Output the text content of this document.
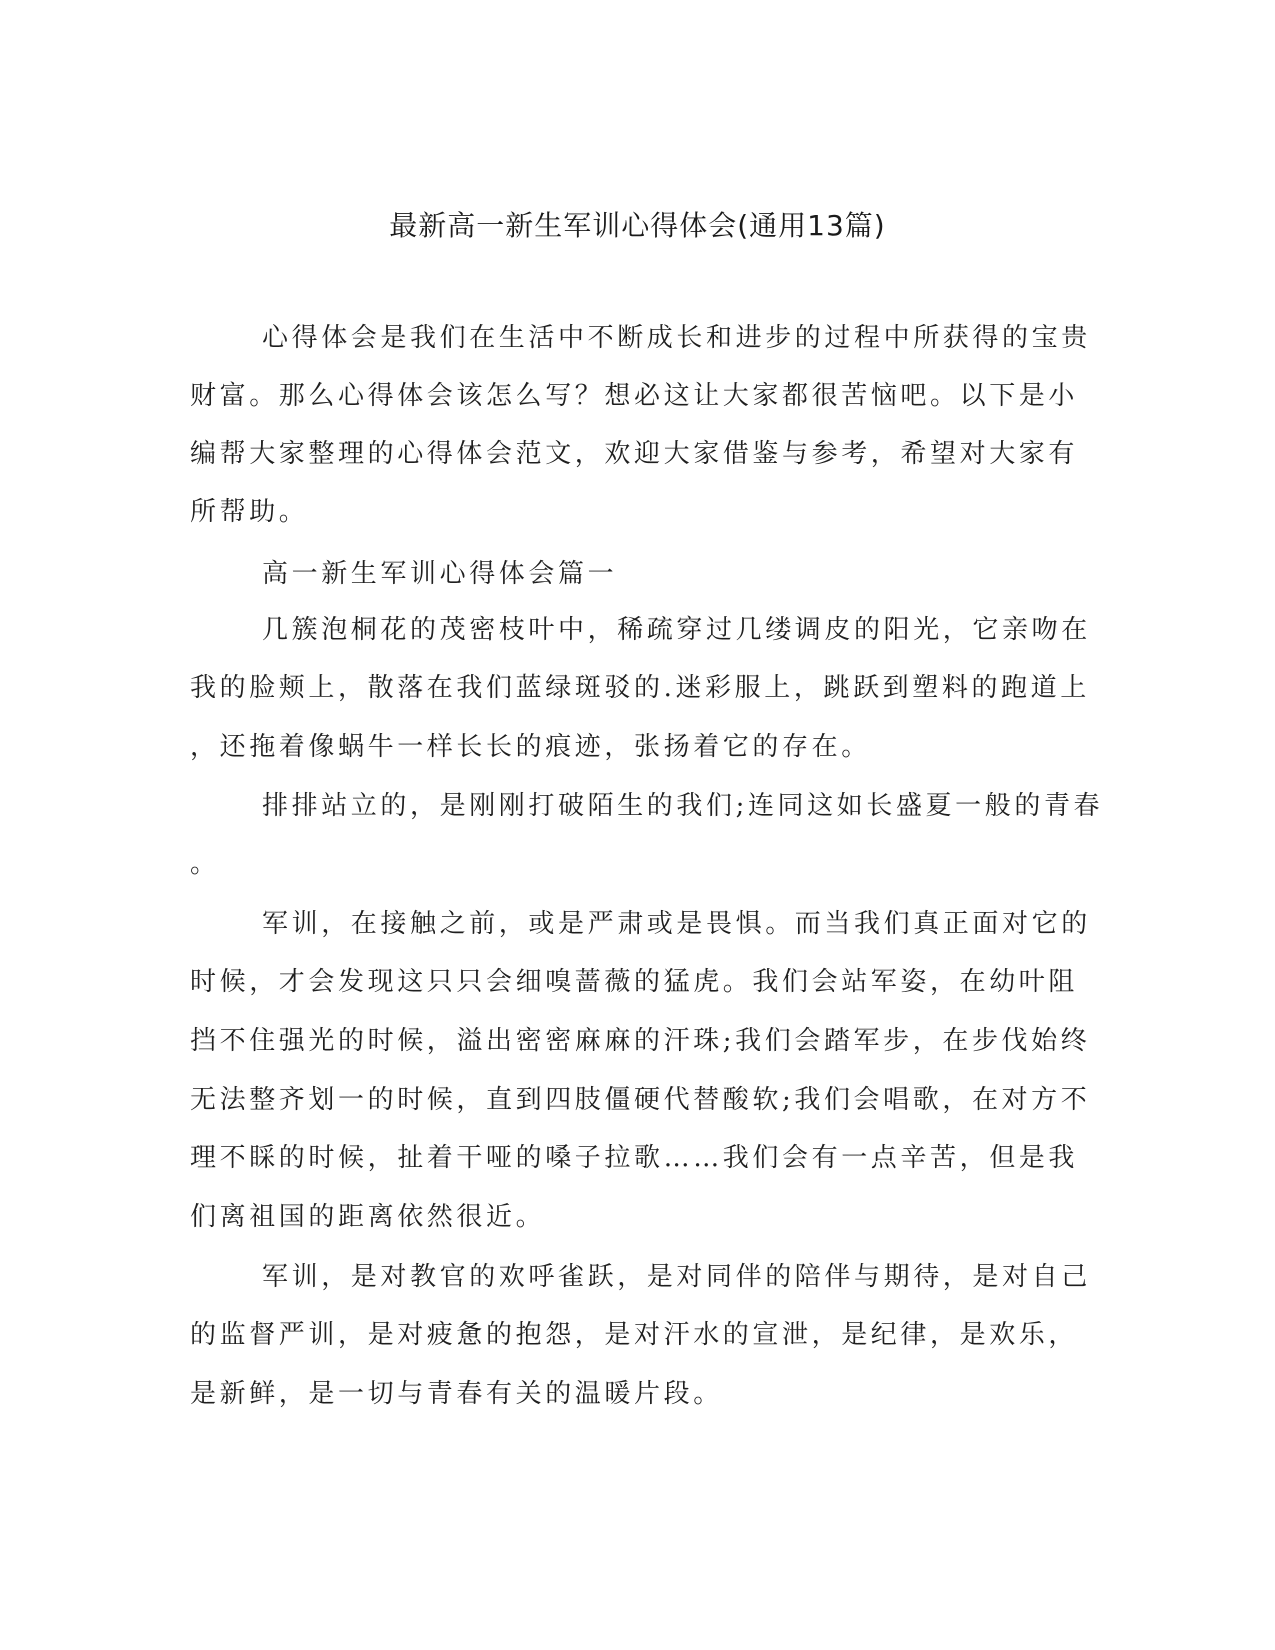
最新高一新生军训心得体会(通用13篇)
心得体会是我们在生活中不断成长和进步的过程中所获得的宝贵
财富。那么心得体会该怎么写？想必这让大家都很苦恼吧。以下是小
编帮大家整理的心得体会范文，欢迎大家借鉴与参考，希望对大家有
所帮助。
高一新生军训心得体会篇一
几簇泡桐花的茂密枝叶中，稀疏穿过几缕调皮的阳光，它亲吻在
我的脸颊上，散落在我们蓝绿斑驳的.迷彩服上，跳跃到塑料的跑道上
，还拖着像蜗牛一样长长的痕迹，张扬着它的存在。
排排站立的，是刚刚打破陌生的我们;连同这如长盛夏一般的青春
。
军训，在接触之前，或是严肃或是畏惧。而当我们真正面对它的
时候，才会发现这只只会细嗅蔷薇的猛虎。我们会站军姿，在幼叶阻
挡不住强光的时候，溢出密密麻麻的汗珠;我们会踏军步，在步伐始终
无法整齐划一的时候，直到四肢僵硬代替酸软;我们会唱歌，在对方不
理不睬的时候，扯着干哑的嗓子拉歌……我们会有一点辛苦，但是我
们离祖国的距离依然很近。
军训，是对教官的欢呼雀跃，是对同伴的陪伴与期待，是对自己
的监督严训，是对疲惫的抱怨，是对汗水的宣泄，是纪律，是欢乐，
是新鲜，是一切与青春有关的温暖片段。
